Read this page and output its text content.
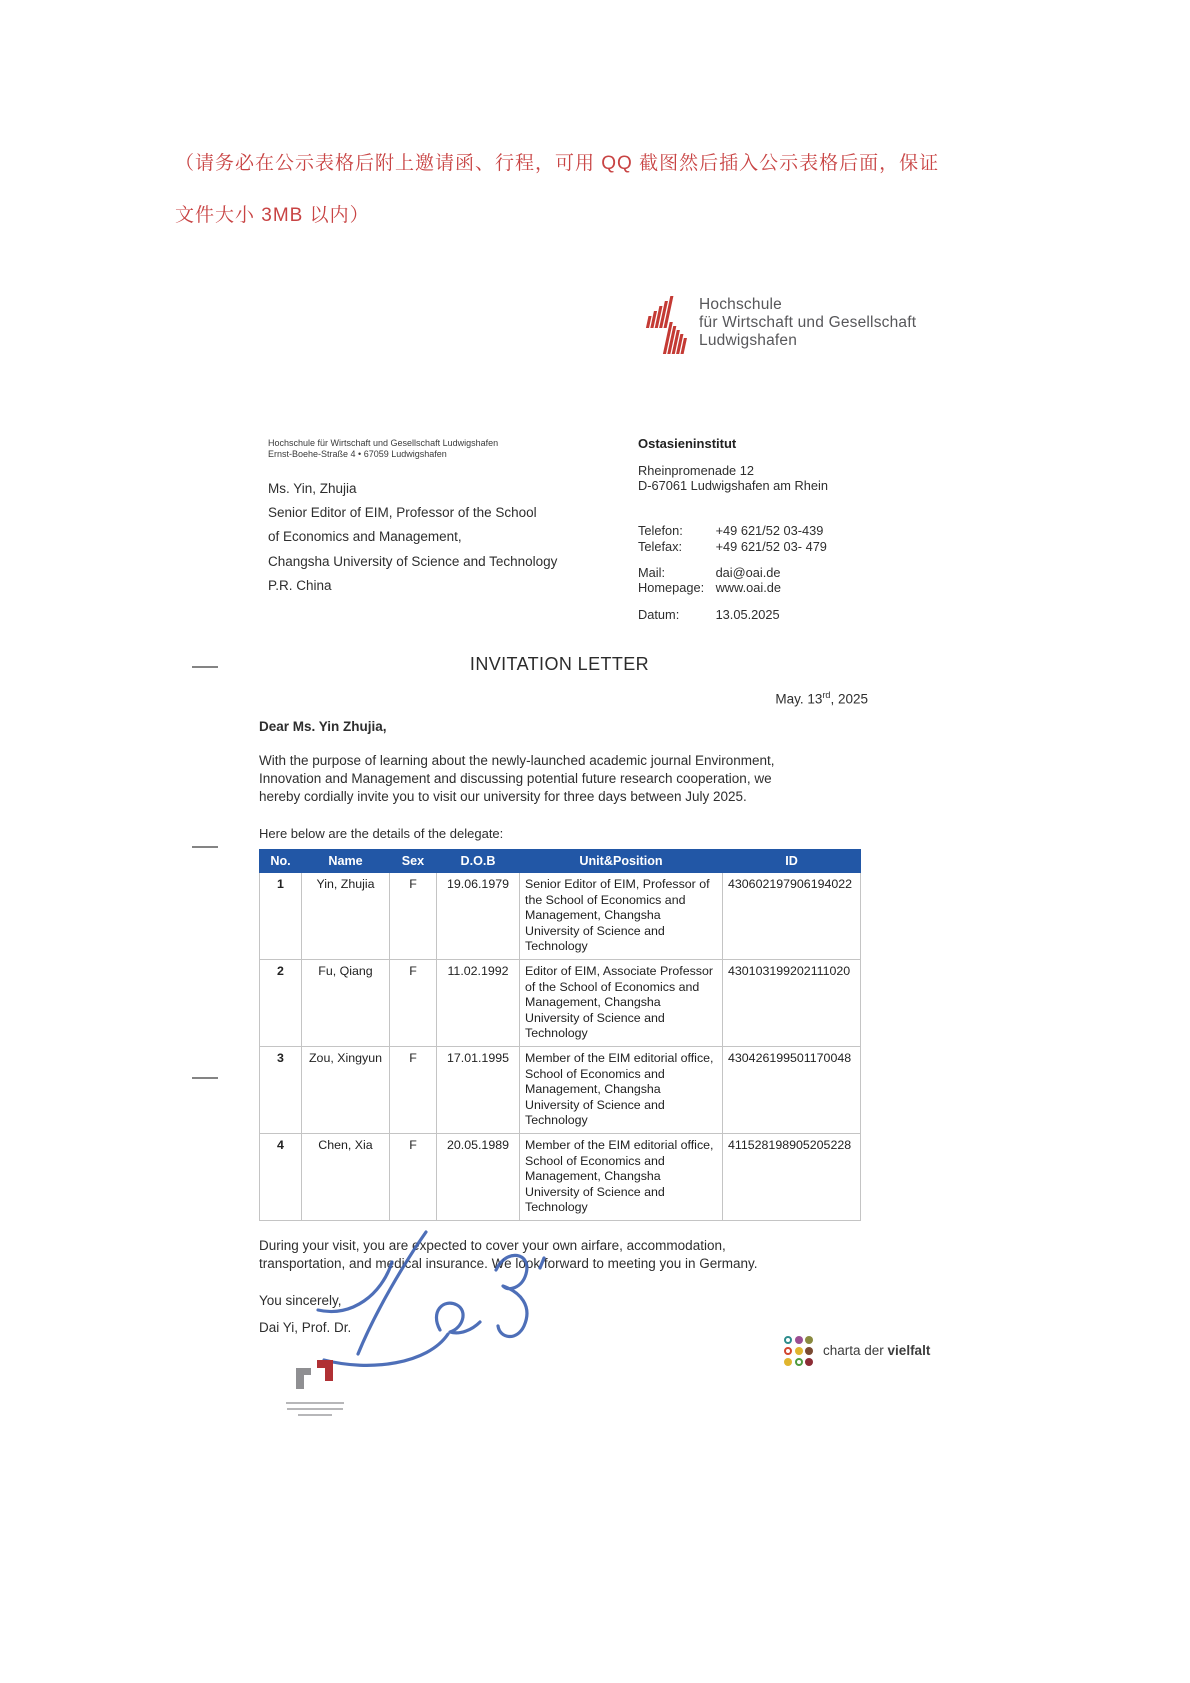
（请务必在公示表格后附上邀请函、行程，可用 QQ 截图然后插入公示表格后面，保证
文件大小 3MB 以内）
Hochschule
für Wirtschaft und Gesellschaft
Ludwigshafen
Hochschule für Wirtschaft und Gesellschaft Ludwigshafen
Ernst-Boehe-Straße 4 • 67059 Ludwigshafen
Ms. Yin, Zhujia
Senior Editor of EIM, Professor of the School
of Economics and Management,
Changsha University of Science and Technology
P.R. China
Ostasieninstitut
Rheinpromenade 12
D-67061 Ludwigshafen am Rhein
Telefon:	+49 621/52 03-439
Telefax:	+49 621/52 03- 479
Mail:	dai@oai.de
Homepage: www.oai.de
Datum:	13.05.2025
INVITATION LETTER
May. 13rd, 2025
Dear Ms. Yin Zhujia,
With the purpose of learning about the newly-launched academic journal Environment,
Innovation and Management and discussing potential future research cooperation, we
hereby cordially invite you to visit our university for three days between July 2025.
Here below are the details of the delegate:
No.	Name	Sex	D.O.B	Unit&Position	ID
1	Yin, Zhujia	F	19.06.1979	Senior Editor of EIM, Professor of the School of Economics and Management, Changsha University of Science and Technology	430602197906194022
2	Fu, Qiang	F	11.02.1992	Editor of EIM, Associate Professor of the School of Economics and Management, Changsha University of Science and Technology	430103199202111020
3	Zou, Xingyun	F	17.01.1995	Member of the EIM editorial office, School of Economics and Management, Changsha University of Science and Technology	430426199501170048
4	Chen, Xia	F	20.05.1989	Member of the EIM editorial office, School of Economics and Management, Changsha University of Science and Technology	411528198905205228
During your visit, you are expected to cover your own airfare, accommodation,
transportation, and medical insurance. We look forward to meeting you in Germany.
You sincerely,
Dai Yi, Prof. Dr.
charta der vielfalt
